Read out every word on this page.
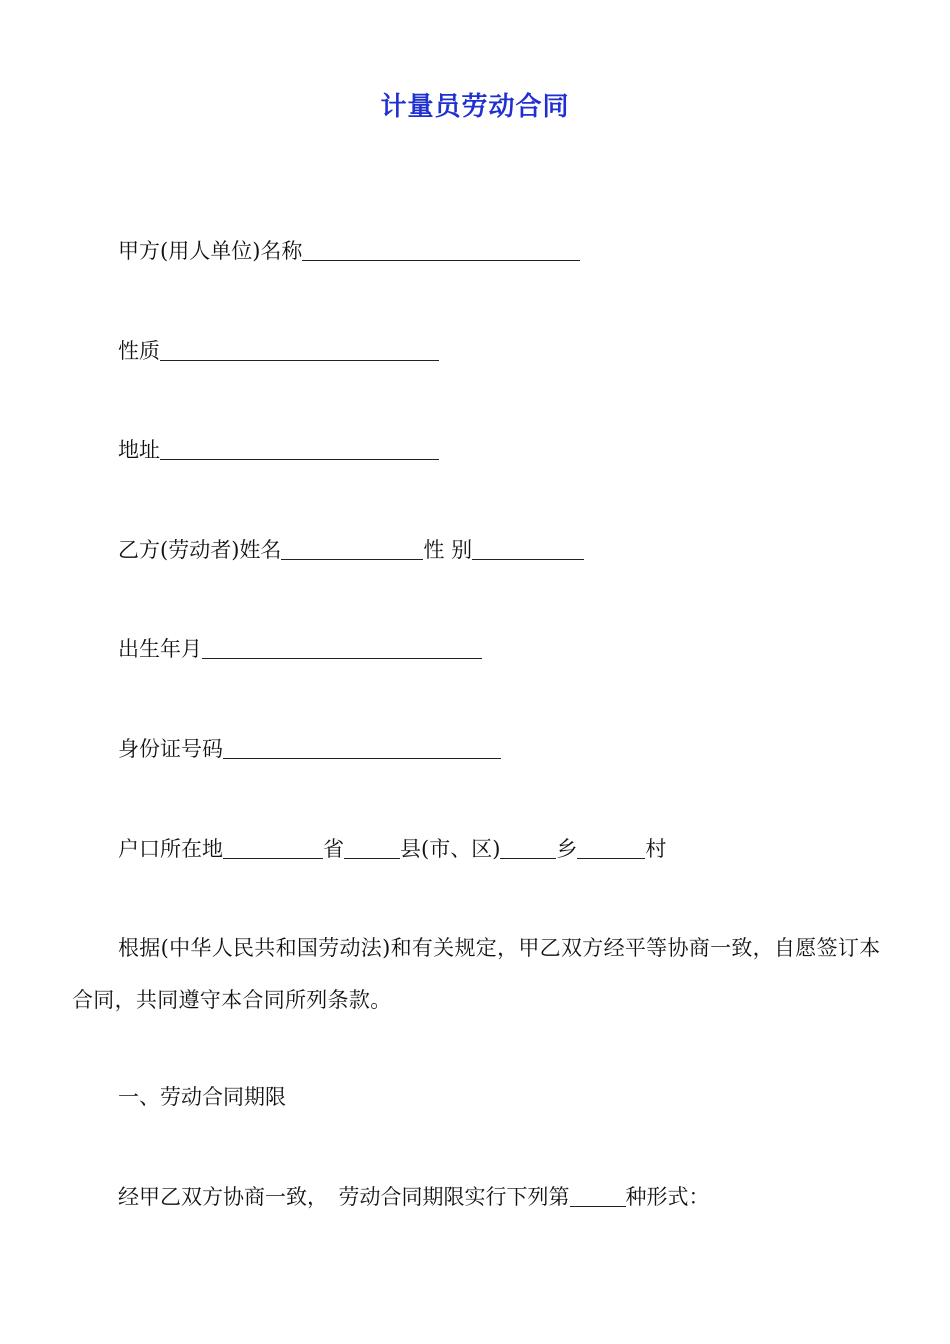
计量员劳动合同
甲方(用人单位)名称
性质
地址
乙方(劳动者)姓名	性 别
出生年月
身份证号码
户口所在地	省	县(市、区)	乡	村
根据(中华人民共和国劳动法)和有关规定，甲乙双方经平等协商一致，自愿签订本合同，共同遵守本合同所列条款。
一、劳动合同期限
经甲乙双方协商一致，　劳动合同期限实行下列第	种形式：
